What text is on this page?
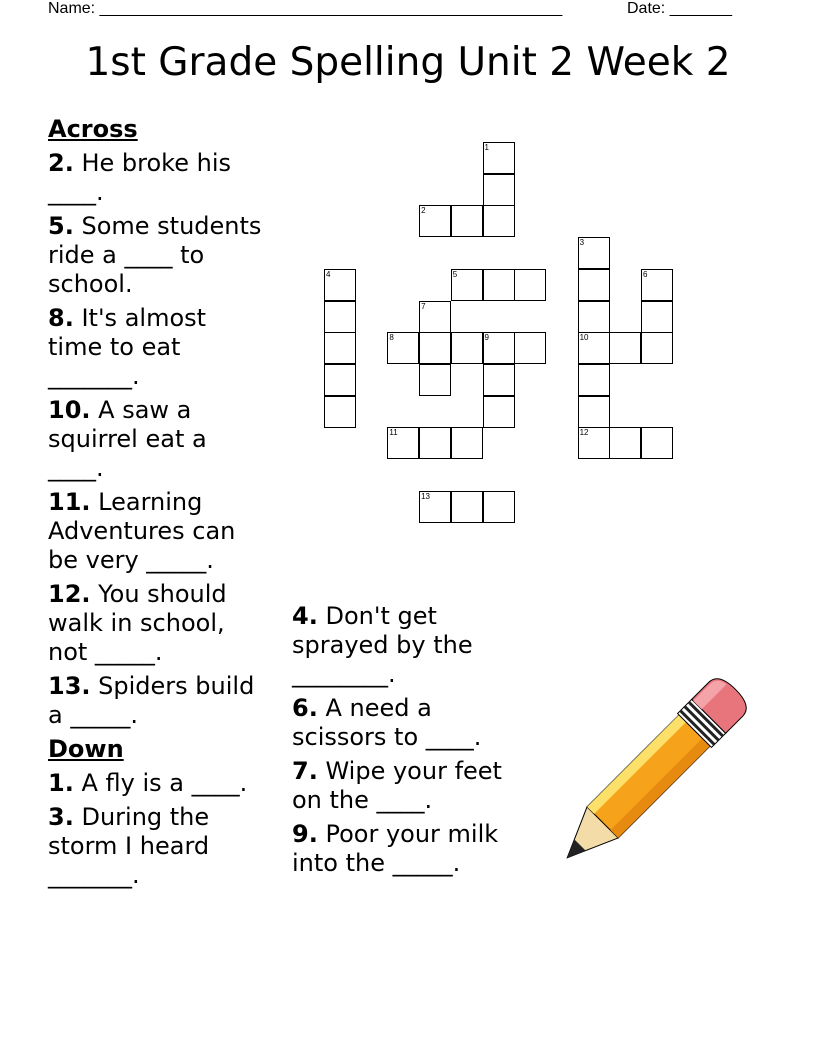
Name: ____________________________________________________	Date: _______
1st Grade Spelling Unit 2 Week 2
Across
2. He broke his ____.
5. Some students ride a ____ to school.
8. It's almost time to eat _______.
10. A saw a squirrel eat a ____.
11. Learning Adventures can be very _____.
12. You should walk in school, not _____.
13. Spiders build a _____.
Down
1. A fly is a ____.
3. During the storm I heard _______.
4. Don't get sprayed by the ________.
6. A need a scissors to ____.
7. Wipe your feet on the ____.
9. Poor your milk into the _____.
1
2
3
4	5	6
7
8	9	10
11	12
13
